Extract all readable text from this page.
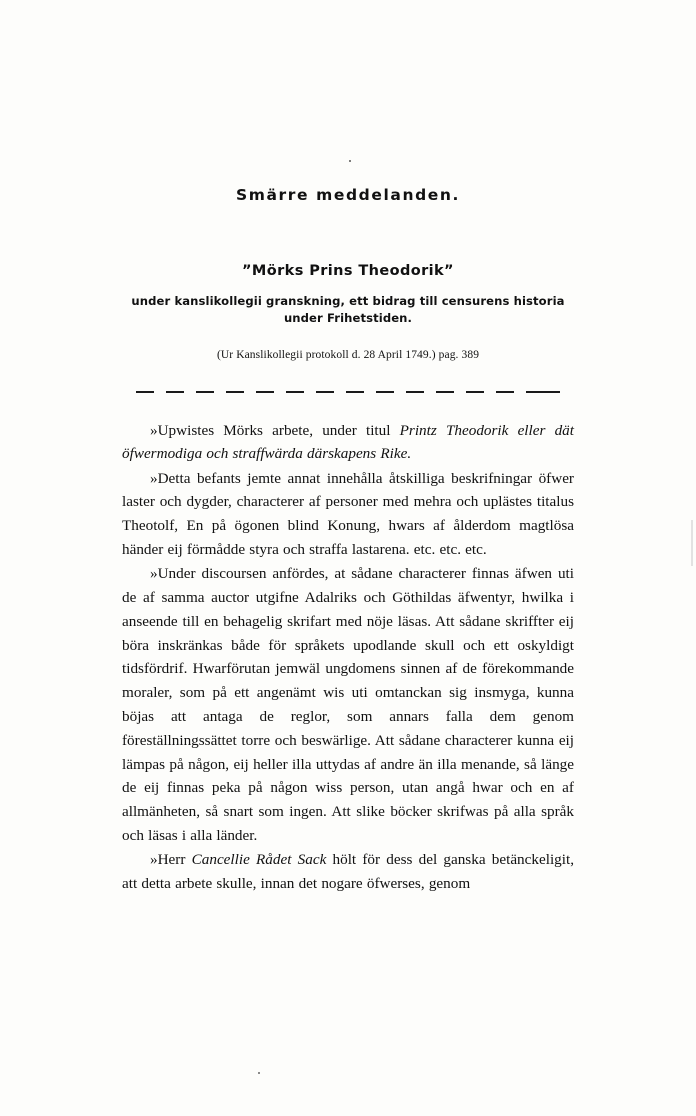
Smärre meddelanden.
”Mörks Prins Theodorik”
under kanslikollegii granskning, ett bidrag till censurens historia
under Frihetstiden.
(Ur Kanslikollegii protokoll d. 28 April 1749.) pag. 389

»Upwistes Mörks arbete, under titul Printz Theodorik eller dät öfwermodiga och straffwärda därskapens Rike.

»Detta befants jemte annat innehålla åtskilliga beskrifningar öfwer laster och dygder, characterer af personer med mehra och uplästes titalus Theotolf, En på ögonen blind Konung, hwars af ålderdom magtlösa händer eij förmådde styra och straffa lastarena. etc. etc. etc.

»Under discoursen anfördes, at sådane characterer finnas äfwen uti de af samma auctor utgifne Adalriks och Göthildas äfwentyr, hwilka i anseende till en behagelig skrifart med nöje läsas. Att sådane skriffter eij böra inskränkas både för språkets upodlande skull och ett oskyldigt tidsfördrif. Hwarförutan jemwäl ungdomens sinnen af de förekommande moraler, som på ett angenämt wis uti omtanckan sig insmyga, kunna böjas att antaga de reglor, som annars falla dem genom föreställningssättet torre och beswärlige. Att sådane characterer kunna eij lämpas på någon, eij heller illa uttydas af andre än illa menande, så länge de eij finnas peka på någon wiss person, utan angå hwar och en af allmänheten, så snart som ingen. Att slike böcker skrifwas på alla språk och läsas i alla länder.

»Herr Cancellie Rådet Sack hölt för dess del ganska betänckeligit, att detta arbete skulle, innan det nogare öfwerses, genom
